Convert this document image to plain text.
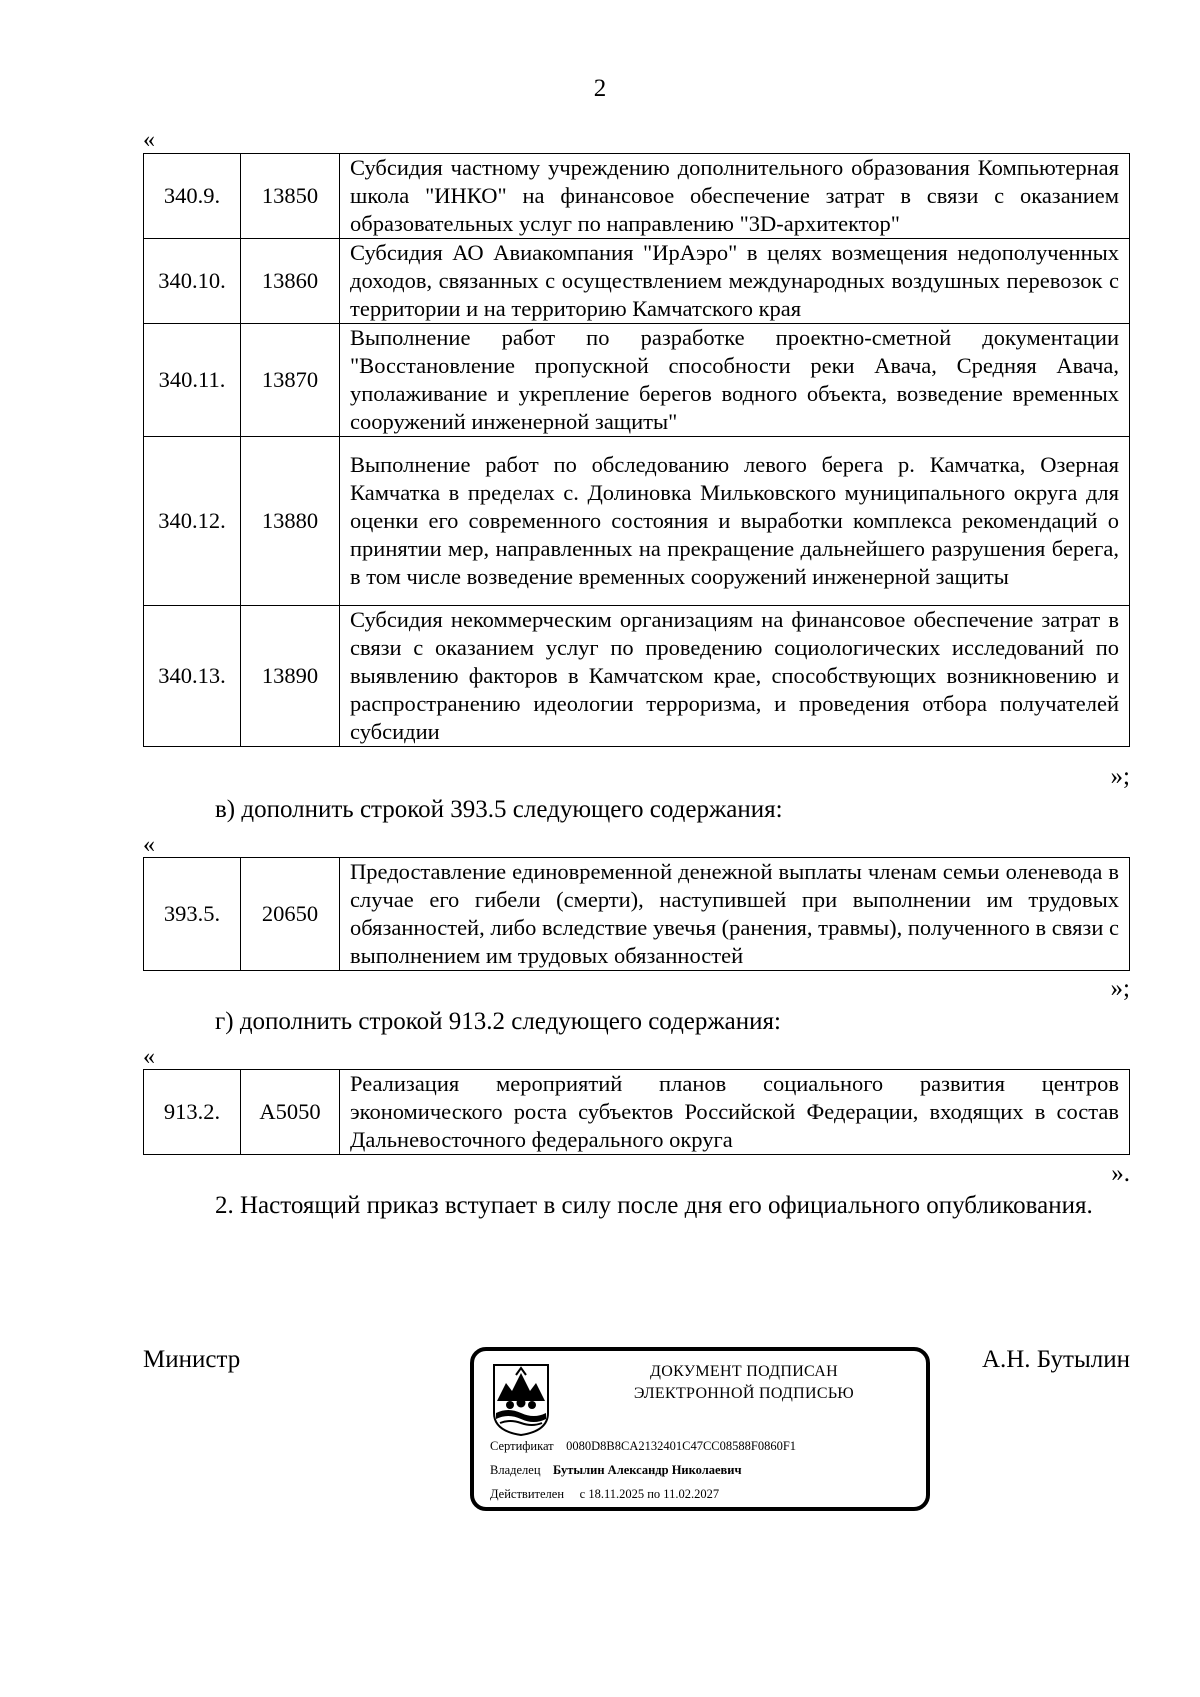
2
«
340.9.	13850	Субсидия частному учреждению дополнительного образования Компьютерная школа "ИНКО" на финансовое обеспечение затрат в связи с оказанием образовательных услуг по направлению "3D-архитектор"
340.10.	13860	Субсидия АО Авиакомпания "ИрАэро" в целях возмещения недополученных доходов, связанных с осуществлением международных воздушных перевозок с территории и на территорию Камчатского края
340.11.	13870	Выполнение работ по разработке проектно-сметной документации "Восстановление пропускной способности реки Авача, Средняя Авача, уполаживание и укрепление берегов водного объекта, возведение временных сооружений инженерной защиты"
340.12.	13880	Выполнение работ по обследованию левого берега р. Камчатка, Озерная Камчатка в пределах с. Долиновка Мильковского муниципального округа для оценки его современного состояния и выработки комплекса рекомендаций о принятии мер, направленных на прекращение дальнейшего разрушения берега, в том числе возведение временных сооружений инженерной защиты
340.13.	13890	Субсидия некоммерческим организациям на финансовое обеспечение затрат в связи с оказанием услуг по проведению социологических исследований по выявлению факторов в Камчатском крае, способствующих возникновению и распространению идеологии терроризма, и проведения отбора получателей субсидии
»;
в) дополнить строкой 393.5 следующего содержания:
«
393.5.	20650	Предоставление единовременной денежной выплаты членам семьи оленевода в случае его гибели (смерти), наступившей при выполнении им трудовых обязанностей, либо вследствие увечья (ранения, травмы), полученного в связи с выполнением им трудовых обязанностей
»;
г) дополнить строкой 913.2 следующего содержания:
«
913.2.	А5050	Реализация мероприятий планов социального развития центров экономического роста субъектов Российской Федерации, входящих в состав Дальневосточного федерального округа
».
2. Настоящий приказ вступает в силу после дня его официального опубликования.
Министр	А.Н. Бутылин
ДОКУМЕНТ ПОДПИСАН
ЭЛЕКТРОННОЙ ПОДПИСЬЮ
Сертификат 0080D8B8CA2132401C47CC08588F0860F1
Владелец Бутылин Александр Николаевич
Действителен с 18.11.2025 по 11.02.2027
